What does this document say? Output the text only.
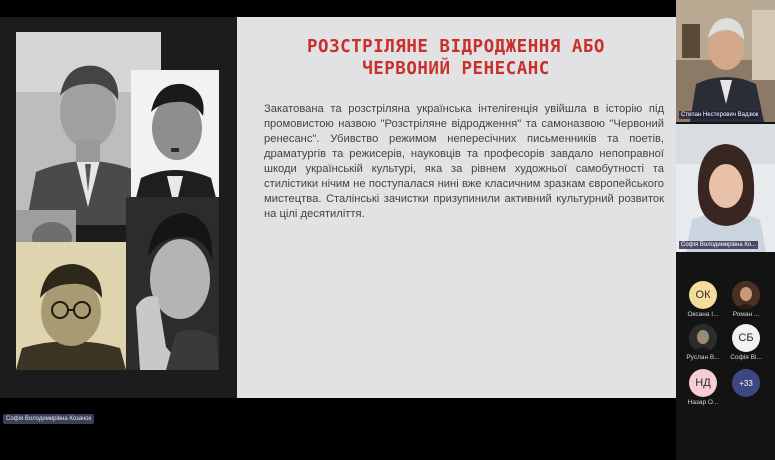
РОЗСТРІЛЯНЕ ВІДРОДЖЕННЯ АБО
ЧЕРВОНИЙ РЕНЕСАНС

Закатована та розстріляна українська інтелігенція увійшла в історію під промовистою назвою "Розстріляне відродження" та самоназвою "Червоний ренесанс". Убивство режимом непересічних письменників та поетів, драматургів та режисерів, науковців та професорів завдало непоправної шкоди українській культурі, яка за рівнем художньої самобутності та стилістики нічим не поступалася нині вже класичним зразкам європейського мистецтва. Сталінські зачистки призупинили активний культурний розвиток на цілі десятиліття.

Софія Володимирівна Козачок
Степан Нестерович Вадзюк
Софія Володимирівна Ко...
ОК
Оксана І...	Роман ...
Руслан В...
СБ
Софія Ві...
НД
Назар О...
+33
